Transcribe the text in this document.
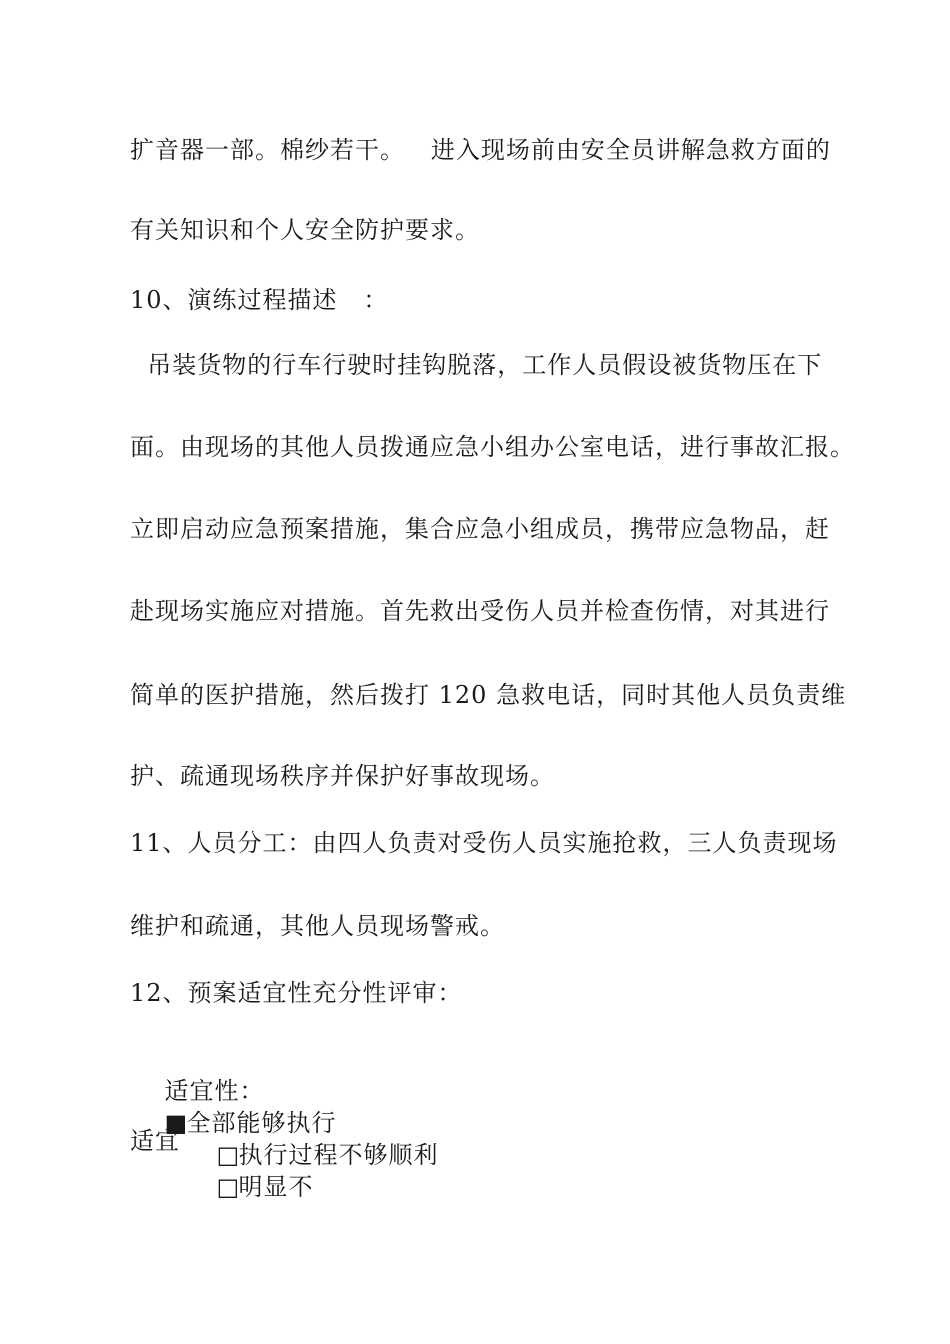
扩音器一部。棉纱若干。   进入现场前由安全员讲解急救方面的
有关知识和个人安全防护要求。
10、演练过程描述   ：
吊装货物的行车行驶时挂钩脱落，工作人员假设被货物压在下
面。由现场的其他人员拨通应急小组办公室电话，进行事故汇报。
立即启动应急预案措施，集合应急小组成员，携带应急物品，赶
赴现场实施应对措施。首先救出受伤人员并检查伤情，对其进行
简单的医护措施，然后拨打 120 急救电话，同时其他人员负责维
护、疏通现场秩序并保护好事故现场。
11、人员分工：由四人负责对受伤人员实施抢救，三人负责现场
维护和疏通，其他人员现场警戒。
12、预案适宜性充分性评审：

适宜性：
■全部能够执行
□执行过程不够顺利
□明显不

适宜
